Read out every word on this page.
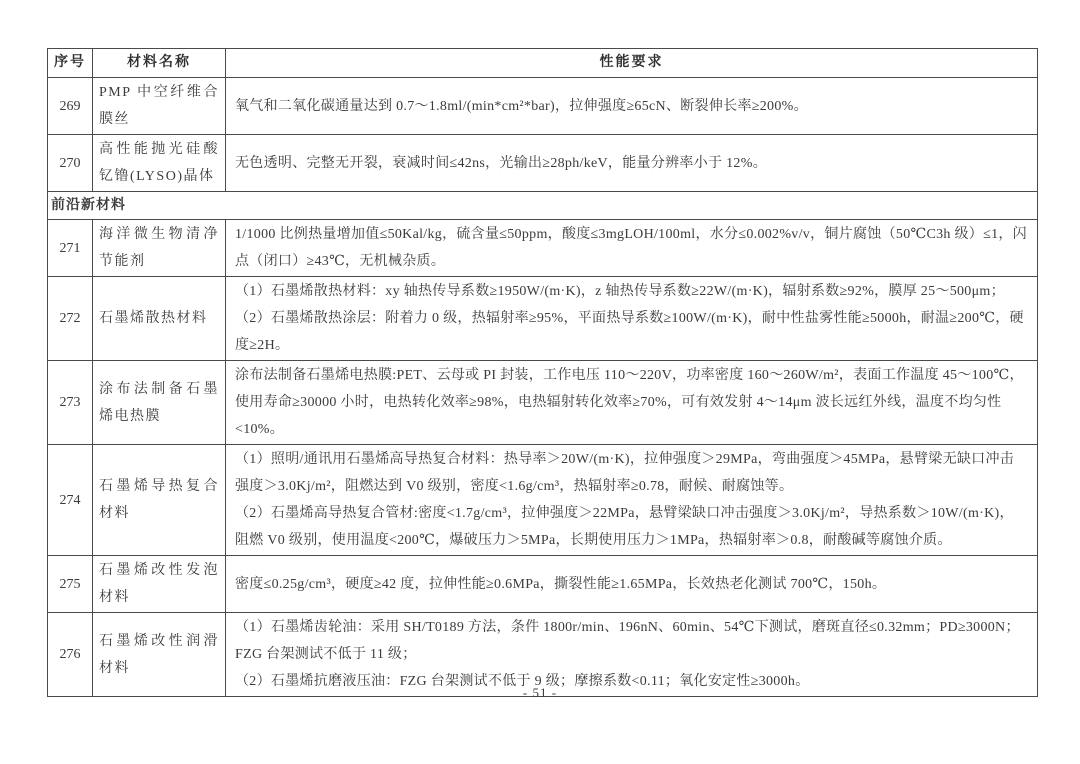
序号	材料名称	性能要求
269	PMP 中空纤维合膜丝	氧气和二氧化碳通量达到 0.7～1.8ml/(min*cm²*bar)，拉伸强度≥65cN、断裂伸长率≥200%。

270	高性能抛光硅酸钇镥(LYSO)晶体	无色透明、完整无开裂，衰减时间≤42ns，光输出≥28ph/keV，能量分辨率小于 12%。

前沿新材料		
271	海洋微生物清净节能剂	1/1000 比例热量增加值≤50Kal/kg，硫含量≤50ppm，酸度≤3mgLOH/100ml，水分≤0.002%v/v，铜片腐蚀（50℃C3h 级）≤1，闪点（闭口）≥43℃，无机械杂质。

272	石墨烯散热材料	（1）石墨烯散热材料：xy 轴热传导系数≥1950W/(m·K)，z 轴热传导系数≥22W/(m·K)，辐射系数≥92%，膜厚 25～500μm；
（2）石墨烯散热涂层：附着力 0 级，热辐射率≥95%，平面热导系数≥100W/(m·K)，耐中性盐雾性能≥5000h，耐温≥200℃，硬度≥2H。

273	涂布法制备石墨烯电热膜	涂布法制备石墨烯电热膜:PET、云母或 PI 封装，工作电压 110～220V，功率密度 160～260W/m²，表面工作温度 45～100℃，使用寿命≥30000 小时，电热转化效率≥98%，电热辐射转化效率≥70%，可有效发射 4～14μm 波长远红外线，温度不均匀性<10%。

274	石墨烯导热复合材料	（1）照明/通讯用石墨烯高导热复合材料：热导率＞20W/(m·K)，拉伸强度＞29MPa，弯曲强度＞45MPa，悬臂梁无缺口冲击强度＞3.0Kj/m²，阻燃达到 V0 级别，密度<1.6g/cm³，热辐射率≥0.78，耐候、耐腐蚀等。
（2）石墨烯高导热复合管材:密度<1.7g/cm³，拉伸强度＞22MPa，悬臂梁缺口冲击强度＞3.0Kj/m²，导热系数＞10W/(m·K)，阻燃 V0 级别，使用温度<200℃，爆破压力＞5MPa，长期使用压力＞1MPa，热辐射率＞0.8，耐酸碱等腐蚀介质。

275	石墨烯改性发泡材料	密度≤0.25g/cm³，硬度≥42 度，拉伸性能≥0.6MPa，撕裂性能≥1.65MPa，长效热老化测试 700℃，150h。

276	石墨烯改性润滑材料	（1）石墨烯齿轮油：采用 SH/T0189 方法，条件 1800r/min、196nN、60min、54℃下测试，磨斑直径≤0.32mm；PD≥3000N；FZG 台架测试不低于 11 级；
（2）石墨烯抗磨液压油：FZG 台架测试不低于 9 级；摩擦系数<0.11；氧化安定性≥3000h。
- 51 -
